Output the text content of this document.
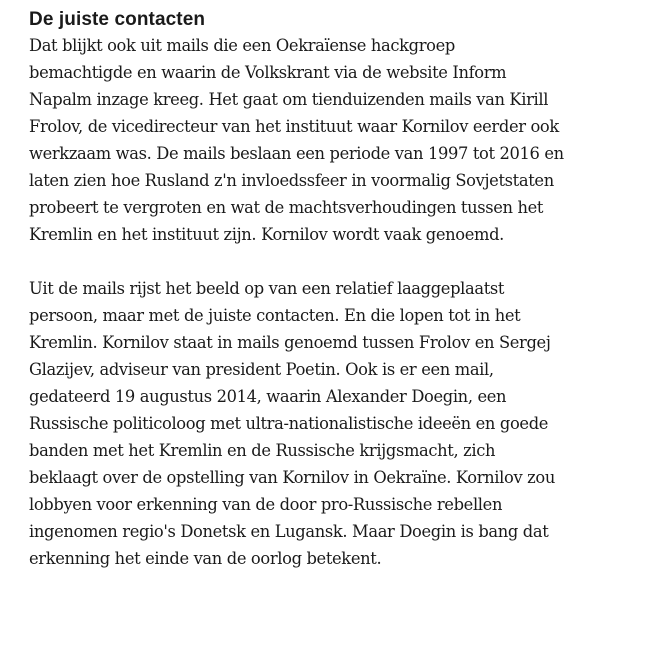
De juiste contacten
Dat blijkt ook uit mails die een Oekraïense hackgroep
bemachtigde en waarin de Volkskrant via de website Inform
Napalm inzage kreeg. Het gaat om tienduizenden mails van Kirill
Frolov, de vicedirecteur van het instituut waar Kornilov eerder ook
werkzaam was. De mails beslaan een periode van 1997 tot 2016 en
laten zien hoe Rusland z'n invloedssfeer in voormalig Sovjetstaten
probeert te vergroten en wat de machtsverhoudingen tussen het
Kremlin en het instituut zijn. Kornilov wordt vaak genoemd.
Uit de mails rijst het beeld op van een relatief laaggeplaatst
persoon, maar met de juiste contacten. En die lopen tot in het
Kremlin. Kornilov staat in mails genoemd tussen Frolov en Sergej
Glazijev, adviseur van president Poetin. Ook is er een mail,
gedateerd 19 augustus 2014, waarin Alexander Doegin, een
Russische politicoloog met ultra-nationalistische ideeën en goede
banden met het Kremlin en de Russische krijgsmacht, zich
beklaagt over de opstelling van Kornilov in Oekraïne. Kornilov zou
lobbyen voor erkenning van de door pro-Russische rebellen
ingenomen regio's Donetsk en Lugansk. Maar Doegin is bang dat
erkenning het einde van de oorlog betekent.
